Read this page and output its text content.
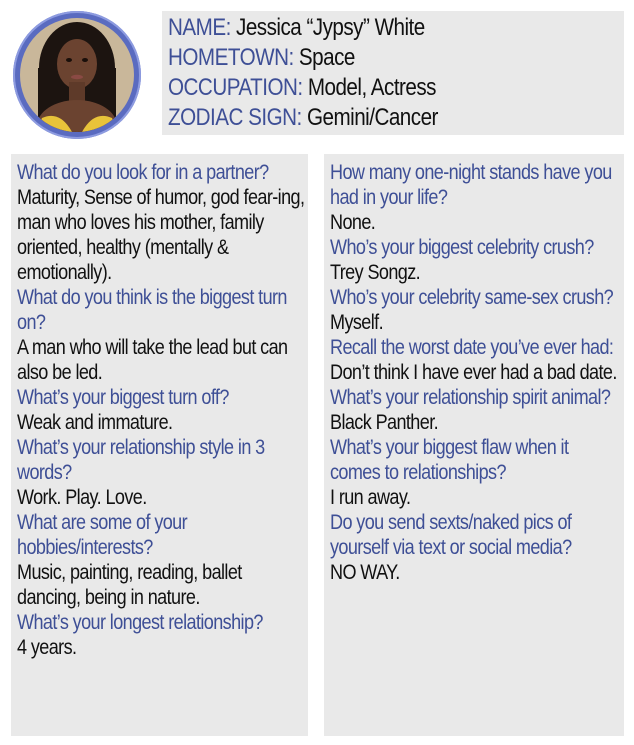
NAME: Jessica “Jypsy” White
HOMETOWN: Space
OCCUPATION: Model, Actress
ZODIAC SIGN: Gemini/Cancer
What do you look for in a partner?
Maturity, Sense of humor, god fear-ing, man who loves his mother, family oriented, healthy (mentally & emotionally).
What do you think is the biggest turn on?
A man who will take the lead but can also be led.
What’s your biggest turn off?
Weak and immature.
What’s your relationship style in 3 words?
Work. Play. Love.
What are some of your hobbies/interests?
Music, painting, reading, ballet dancing, being in nature.
What’s your longest relationship?
4 years.
How many one-night stands have you had in your life?
None.
Who’s your biggest celebrity crush?
Trey Songz.
Who’s your celebrity same-sex crush?
Myself.
Recall the worst date you’ve ever had:
Don’t think I have ever had a bad date.
What’s your relationship spirit animal?
Black Panther.
What’s your biggest flaw when it comes to relationships?
I run away.
Do you send sexts/naked pics of yourself via text or social media?
NO WAY.
